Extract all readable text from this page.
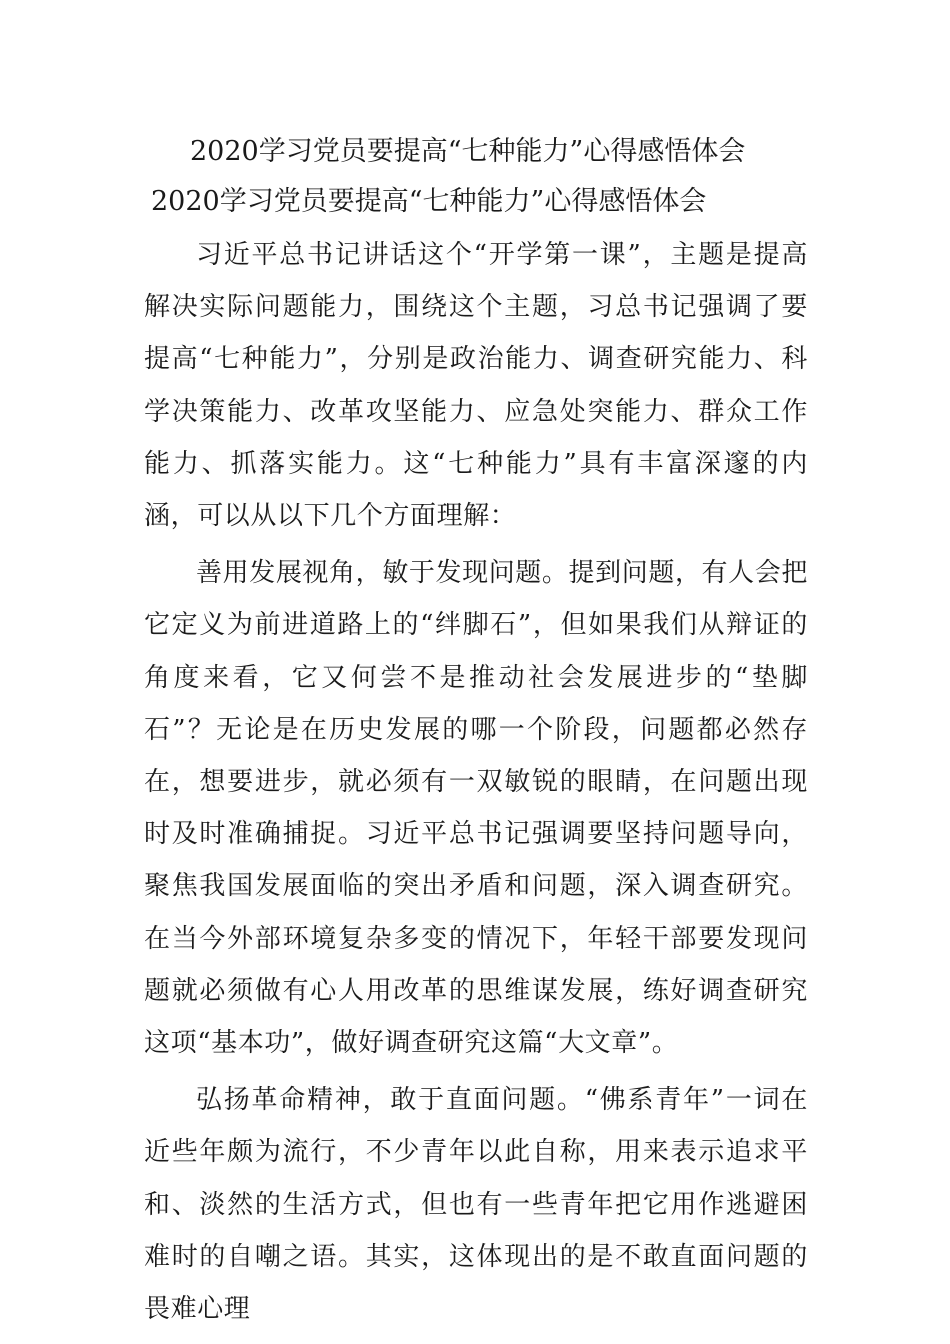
2020学习党员要提高“七种能力”心得感悟体会
2020学习党员要提高“七种能力”心得感悟体会

习近平总书记讲话这个“开学第一课”，主题是提高解决实际问题能力，围绕这个主题，习总书记强调了要提高“七种能力”，分别是政治能力、调查研究能力、科学决策能力、改革攻坚能力、应急处突能力、群众工作能力、抓落实能力。这“七种能力”具有丰富深邃的内涵，可以从以下几个方面理解：

善用发展视角，敏于发现问题。提到问题，有人会把它定义为前进道路上的“绊脚石”，但如果我们从辩证的角度来看，它又何尝不是推动社会发展进步的“垫脚石”？无论是在历史发展的哪一个阶段，问题都必然存在，想要进步，就必须有一双敏锐的眼睛，在问题出现时及时准确捕捉。习近平总书记强调要坚持问题导向，聚焦我国发展面临的突出矛盾和问题，深入调查研究。在当今外部环境复杂多变的情况下，年轻干部要发现问题就必须做有心人用改革的思维谋发展，练好调查研究这项“基本功”，做好调查研究这篇“大文章”。

弘扬革命精神，敢于直面问题。“佛系青年”一词在近些年颇为流行，不少青年以此自称，用来表示追求平和、淡然的生活方式，但也有一些青年把它用作逃避困难时的自嘲之语。其实，这体现出的是不敢直面问题的畏难心理
